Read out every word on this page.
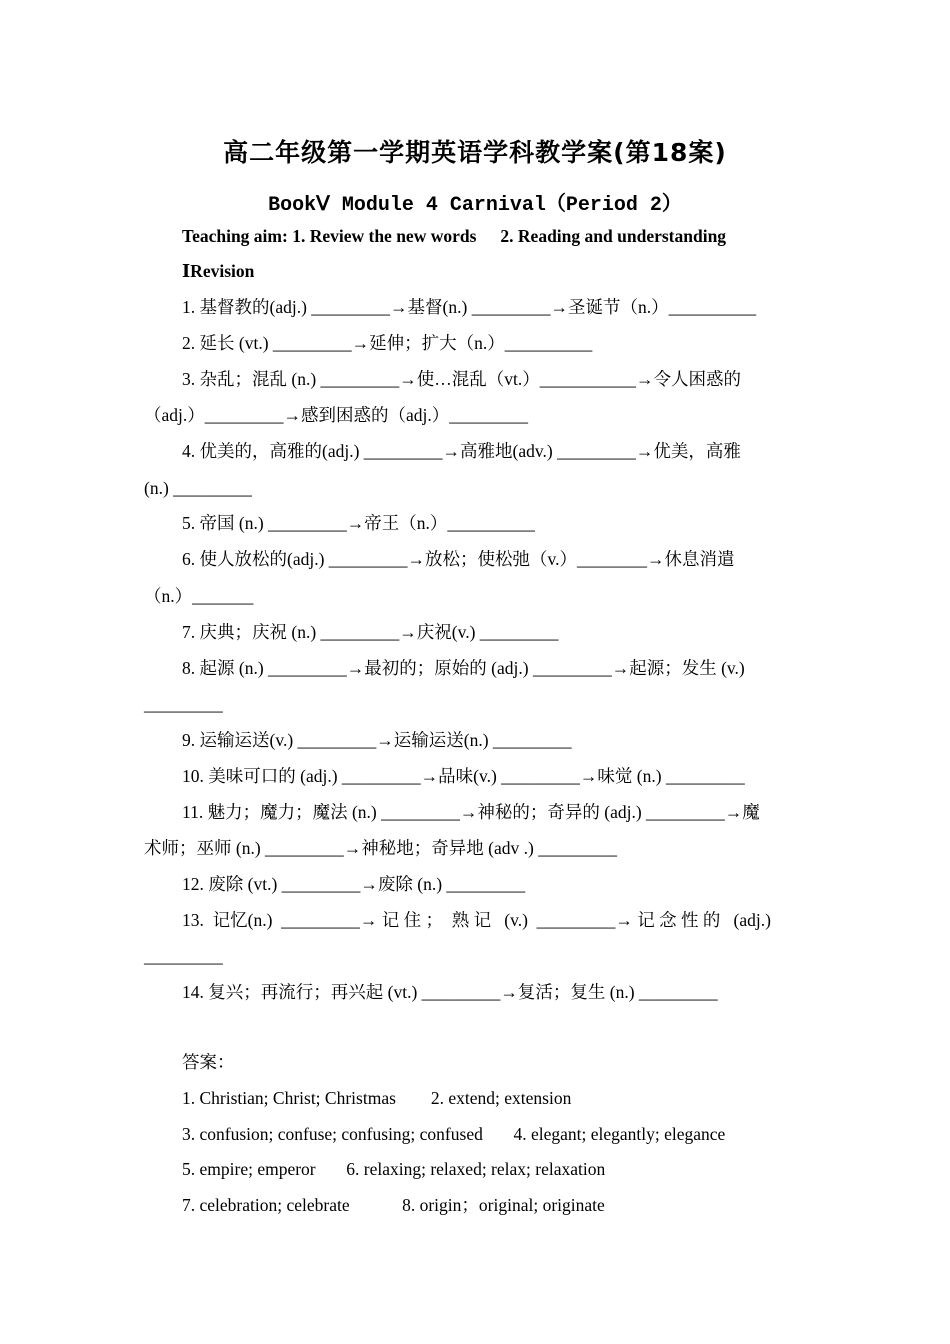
高二年级第一学期英语学科教学案(第18案)
BookⅤ Module 4 Carnival（Period 2）
Teaching aim: 1. Review the new words 2. Reading and understanding
ⅠRevision
1. 基督教的(adj.) _________→基督(n.) _________→圣诞节（n.）__________
2. 延长 (vt.) _________→延伸；扩大（n.）__________
3. 杂乱；混乱 (n.) _________→使…混乱（vt.）___________→令人困惑的
（adj.）_________→感到困惑的（adj.）_________
4. 优美的，高雅的(adj.) _________→高雅地(adv.) _________→优美，高雅
(n.) _________
5. 帝国 (n.) _________→帝王（n.）__________
6. 使人放松的(adj.) _________→放松；使松弛（v.）________→休息消遣
（n.）_______
7. 庆典；庆祝 (n.) _________→庆祝(v.) _________
8. 起源 (n.) _________→最初的；原始的 (adj.) _________→起源；发生 (v.)
_________
9. 运输运送(v.) _________→运输运送(n.) _________
10. 美味可口的 (adj.) _________→品味(v.) _________→味觉 (n.) _________
11. 魅力；魔力；魔法 (n.) _________→神秘的；奇异的 (adj.) _________→魔
术师；巫师 (n.) _________→神秘地；奇异地 (adv .) _________
12. 废除 (vt.) _________→废除 (n.) _________
13.  记忆(n.)  _________→ 记 住 ；  熟 记   (v.)  _________→ 记 念 性 的   (adj.)
_________
14. 复兴；再流行；再兴起 (vt.) _________→复活；复生 (n.) _________
答案：
1. Christian; Christ; Christmas        2. extend; extension
3. confusion; confuse; confusing; confused       4. elegant; elegantly; elegance
5. empire; emperor       6. relaxing; relaxed; relax; relaxation
7. celebration; celebrate            8. origin；original; originate
